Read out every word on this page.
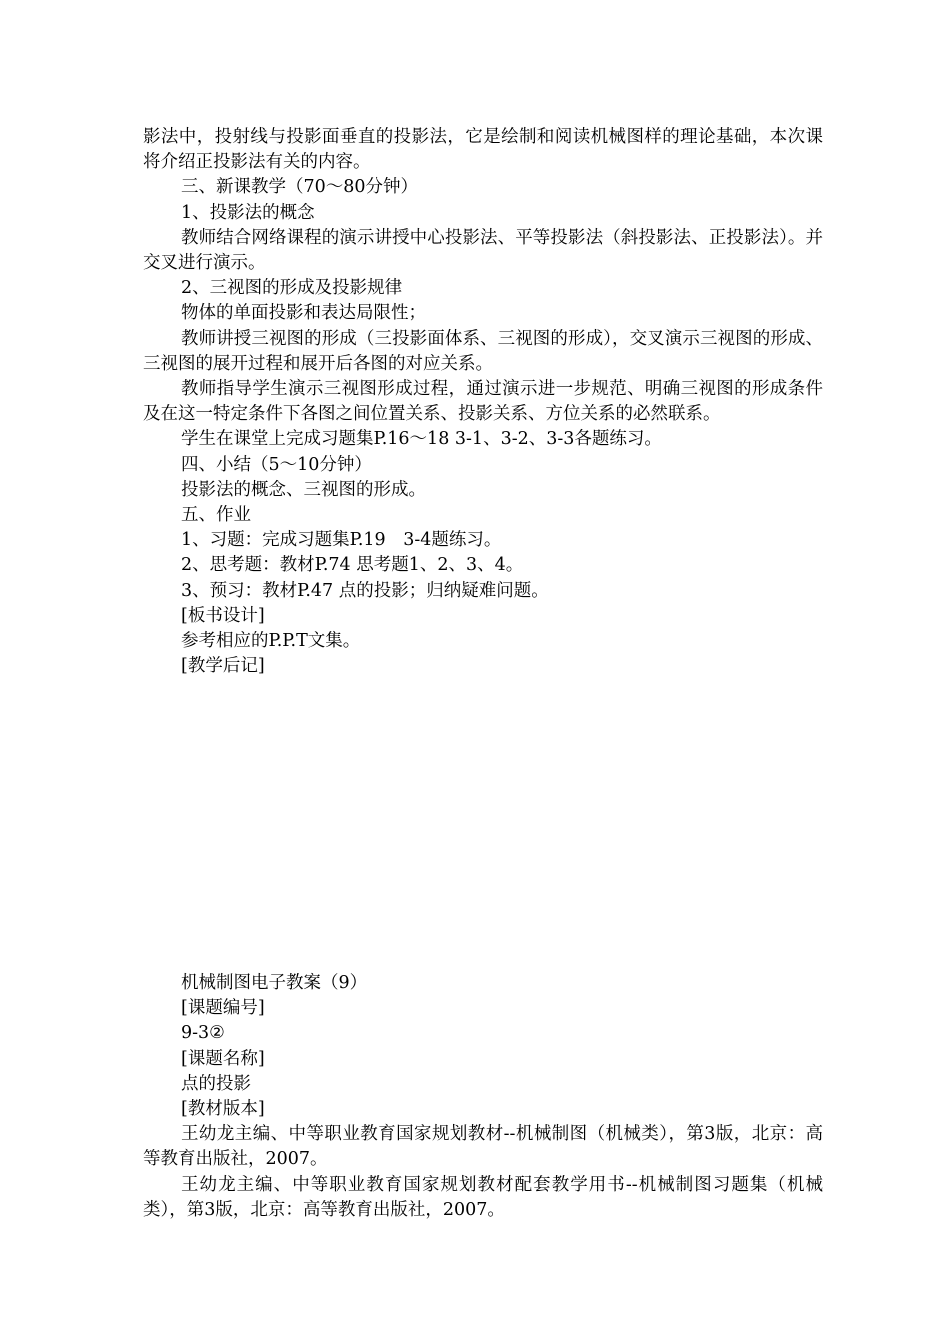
影法中，投射线与投影面垂直的投影法，它是绘制和阅读机械图样的理论基础，本次课将介绍正投影法有关的内容。

三、新课教学（70～80分钟）

1、投影法的概念

教师结合网络课程的演示讲授中心投影法、平等投影法（斜投影法、正投影法）。并交叉进行演示。

2、三视图的形成及投影规律

物体的单面投影和表达局限性；

教师讲授三视图的形成（三投影面体系、三视图的形成），交叉演示三视图的形成、三视图的展开过程和展开后各图的对应关系。

教师指导学生演示三视图形成过程，通过演示进一步规范、明确三视图的形成条件及在这一特定条件下各图之间位置关系、投影关系、方位关系的必然联系。

学生在课堂上完成习题集P.16～18 3-1、3-2、3-3各题练习。

四、小结（5～10分钟）

投影法的概念、三视图的形成。

五、作业

1、习题：完成习题集P.19　3-4题练习。

2、思考题：教材P.74 思考题1、2、3、4。

3、预习：教材P.47 点的投影；归纳疑难问题。

[板书设计]

参考相应的P.P.T文集。

[教学后记]

机械制图电子教案（9）

[课题编号]

9-3②

[课题名称]

点的投影

[教材版本]

王幼龙主编、中等职业教育国家规划教材--机械制图（机械类），第3版，北京：高等教育出版社，2007。

王幼龙主编、中等职业教育国家规划教材配套教学用书--机械制图习题集（机械类），第3版，北京：高等教育出版社，2007。
